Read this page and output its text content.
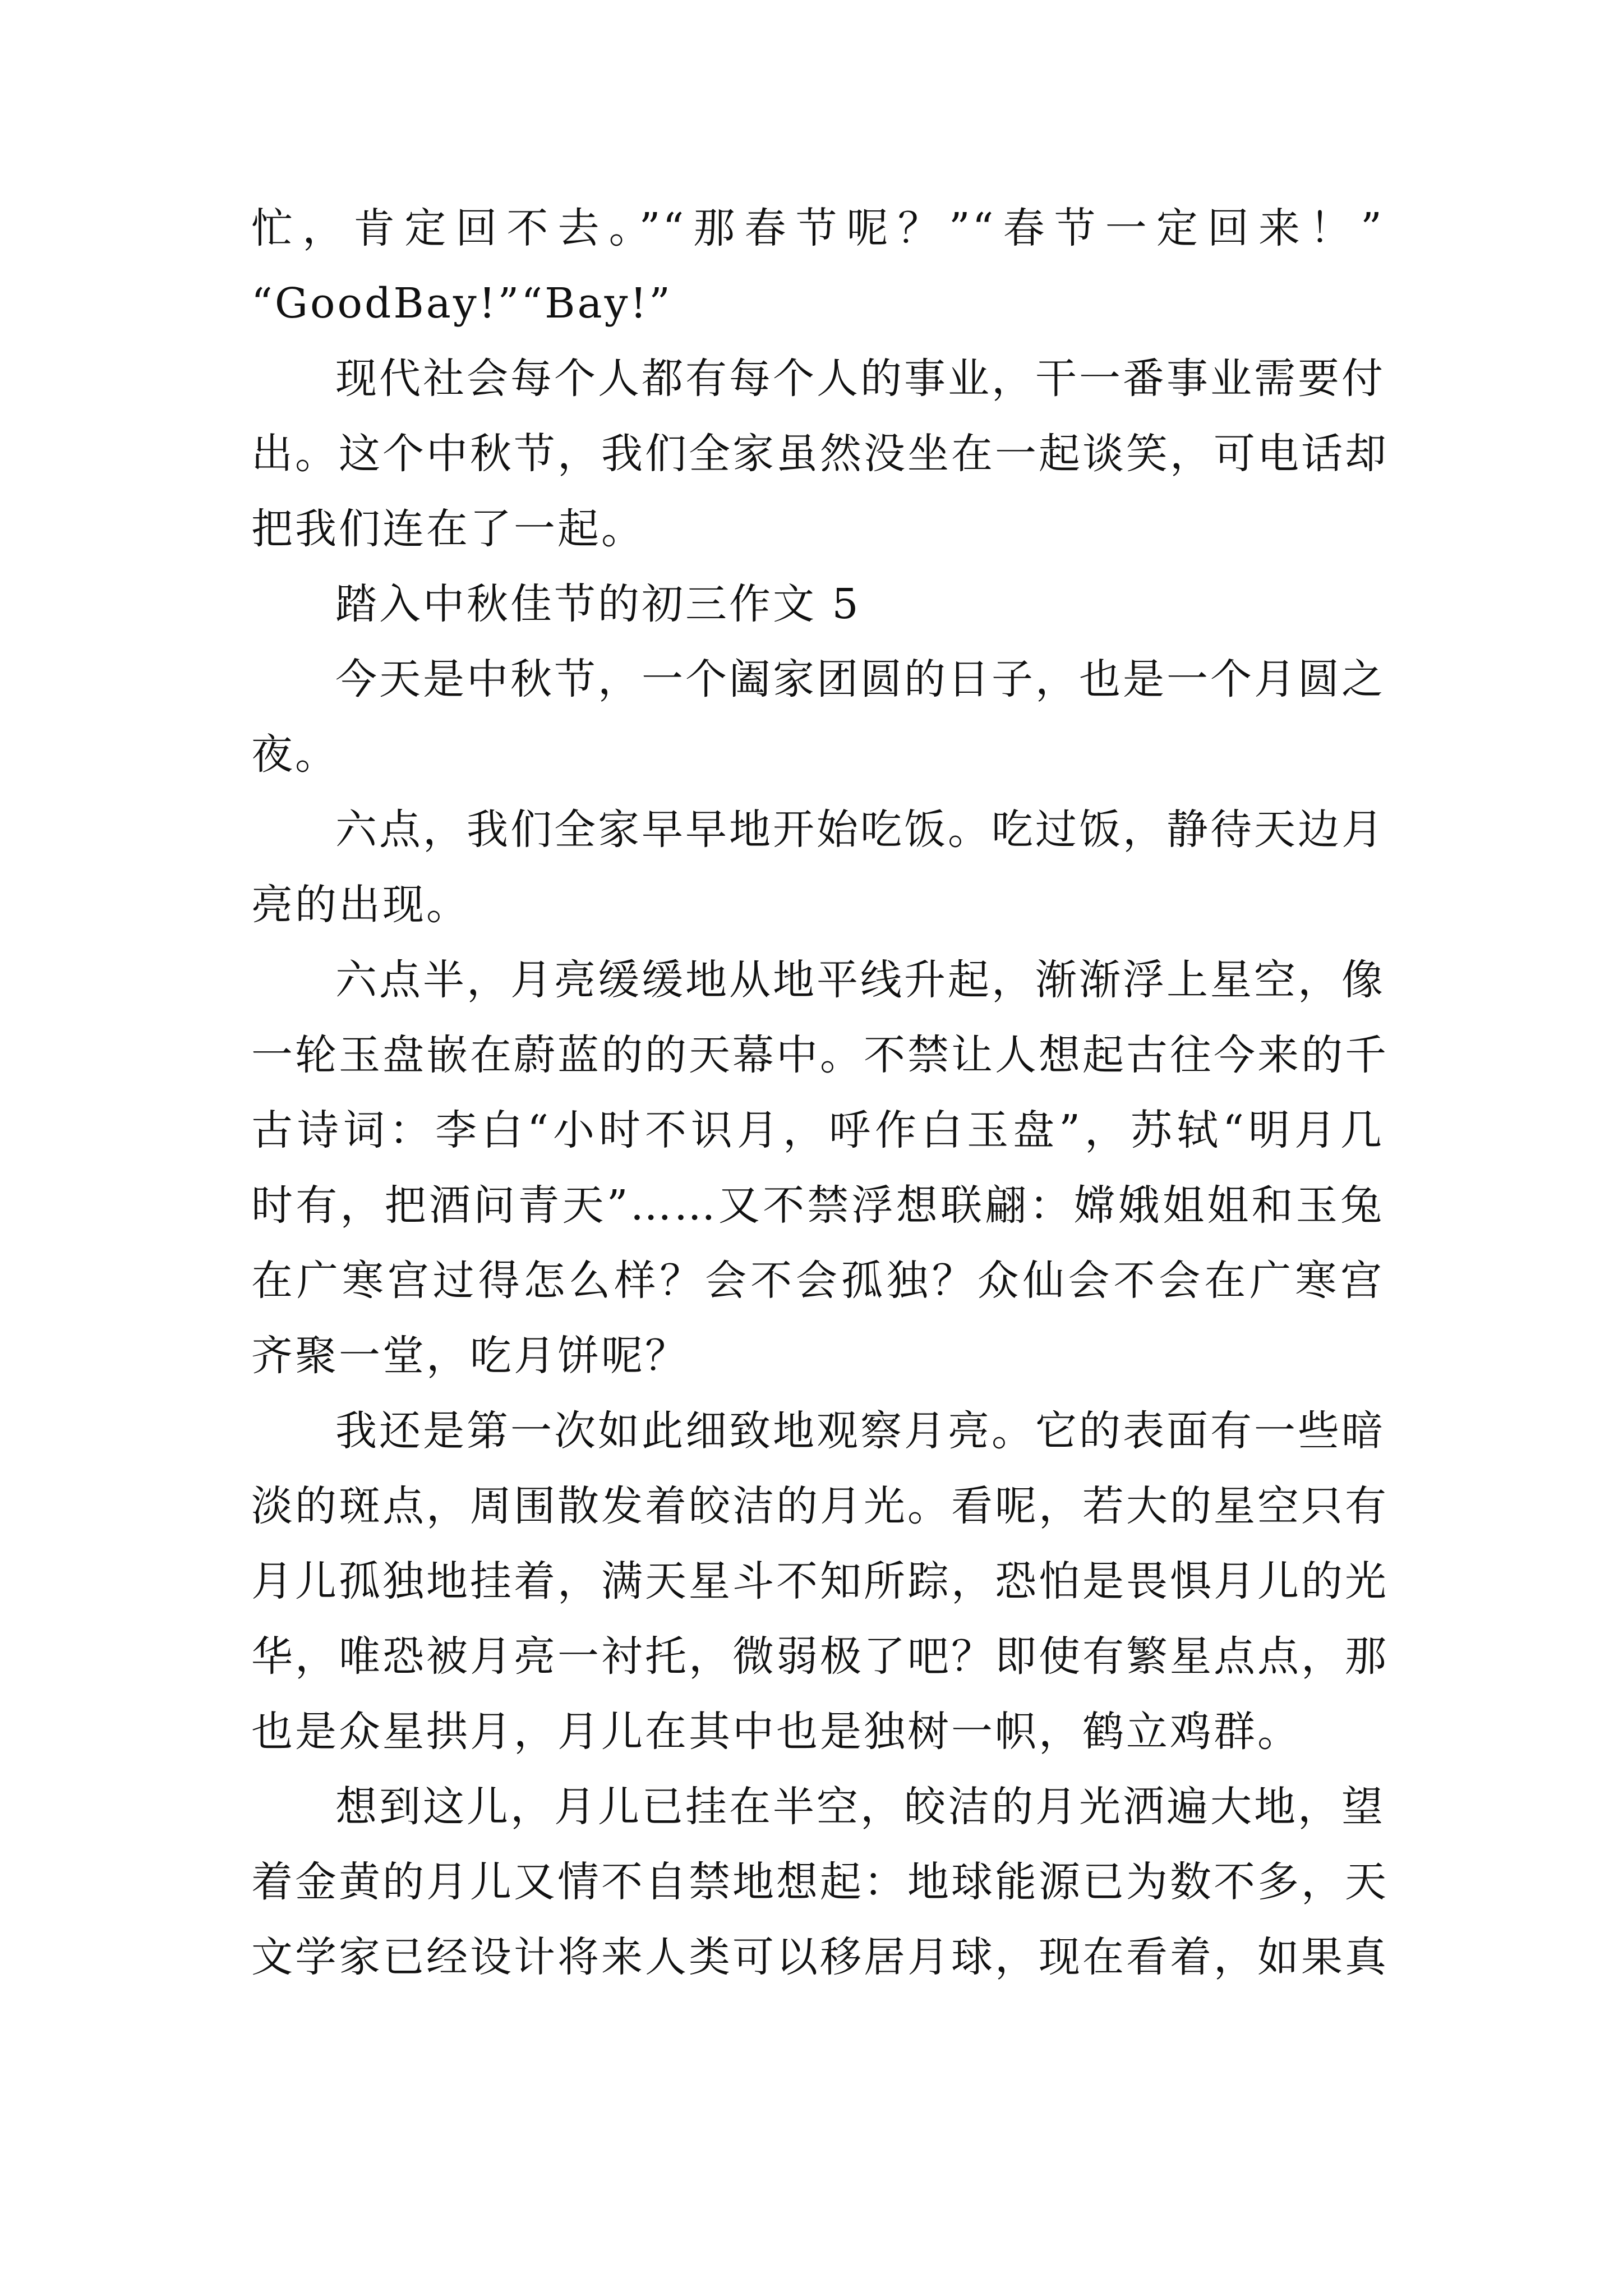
忙，肯定回不去。”“那春节呢？”“春节一定回来！”
“GoodBay!”“Bay!”
现代社会每个人都有每个人的事业，干一番事业需要付
出。这个中秋节，我们全家虽然没坐在一起谈笑，可电话却
把我们连在了一起。
踏入中秋佳节的初三作文 5
今天是中秋节，一个阖家团圆的日子，也是一个月圆之
夜。
六点，我们全家早早地开始吃饭。吃过饭，静待天边月
亮的出现。
六点半，月亮缓缓地从地平线升起，渐渐浮上星空，像
一轮玉盘嵌在蔚蓝的的天幕中。不禁让人想起古往今来的千
古诗词：李白“小时不识月，呼作白玉盘”，苏轼“明月几
时有，把酒问青天”……又不禁浮想联翩：嫦娥姐姐和玉兔
在广寒宫过得怎么样？会不会孤独？众仙会不会在广寒宫
齐聚一堂，吃月饼呢？
我还是第一次如此细致地观察月亮。它的表面有一些暗
淡的斑点，周围散发着皎洁的月光。看呢，若大的星空只有
月儿孤独地挂着，满天星斗不知所踪，恐怕是畏惧月儿的光
华，唯恐被月亮一衬托，微弱极了吧？即使有繁星点点，那
也是众星拱月，月儿在其中也是独树一帜，鹤立鸡群。
想到这儿，月儿已挂在半空，皎洁的月光洒遍大地，望
着金黄的月儿又情不自禁地想起：地球能源已为数不多，天
文学家已经设计将来人类可以移居月球，现在看着，如果真
